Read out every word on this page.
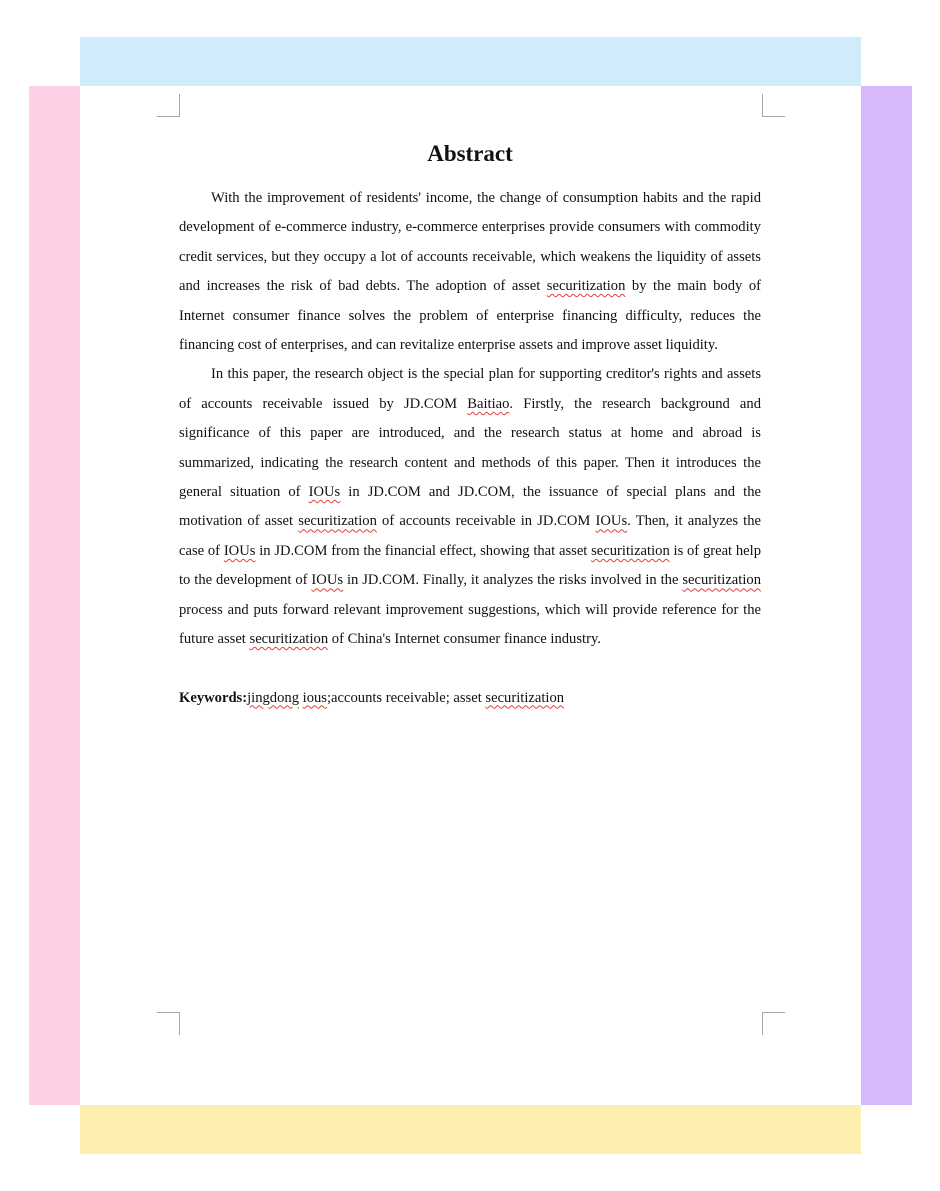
Abstract

With the improvement of residents' income, the change of consumption habits and the rapid development of e-commerce industry, e-commerce enterprises provide consumers with commodity credit services, but they occupy a lot of accounts receivable, which weakens the liquidity of assets and increases the risk of bad debts. The adoption of asset securitization by the main body of Internet consumer finance solves the problem of enterprise financing difficulty, reduces the financing cost of enterprises, and can revitalize enterprise assets and improve asset liquidity.

In this paper, the research object is the special plan for supporting creditor's rights and assets of accounts receivable issued by JD.COM Baitiao. Firstly, the research background and significance of this paper are introduced, and the research status at home and abroad is summarized, indicating the research content and methods of this paper. Then it introduces the general situation of IOUs in JD.COM and JD.COM, the issuance of special plans and the motivation of asset securitization of accounts receivable in JD.COM IOUs. Then, it analyzes the case of IOUs in JD.COM from the financial effect, showing that asset securitization is of great help to the development of IOUs in JD.COM. Finally, it analyzes the risks involved in the securitization process and puts forward relevant improvement suggestions, which will provide reference for the future asset securitization of China's Internet consumer finance industry.

Keywords:jingdong ious;accounts receivable; asset securitization
